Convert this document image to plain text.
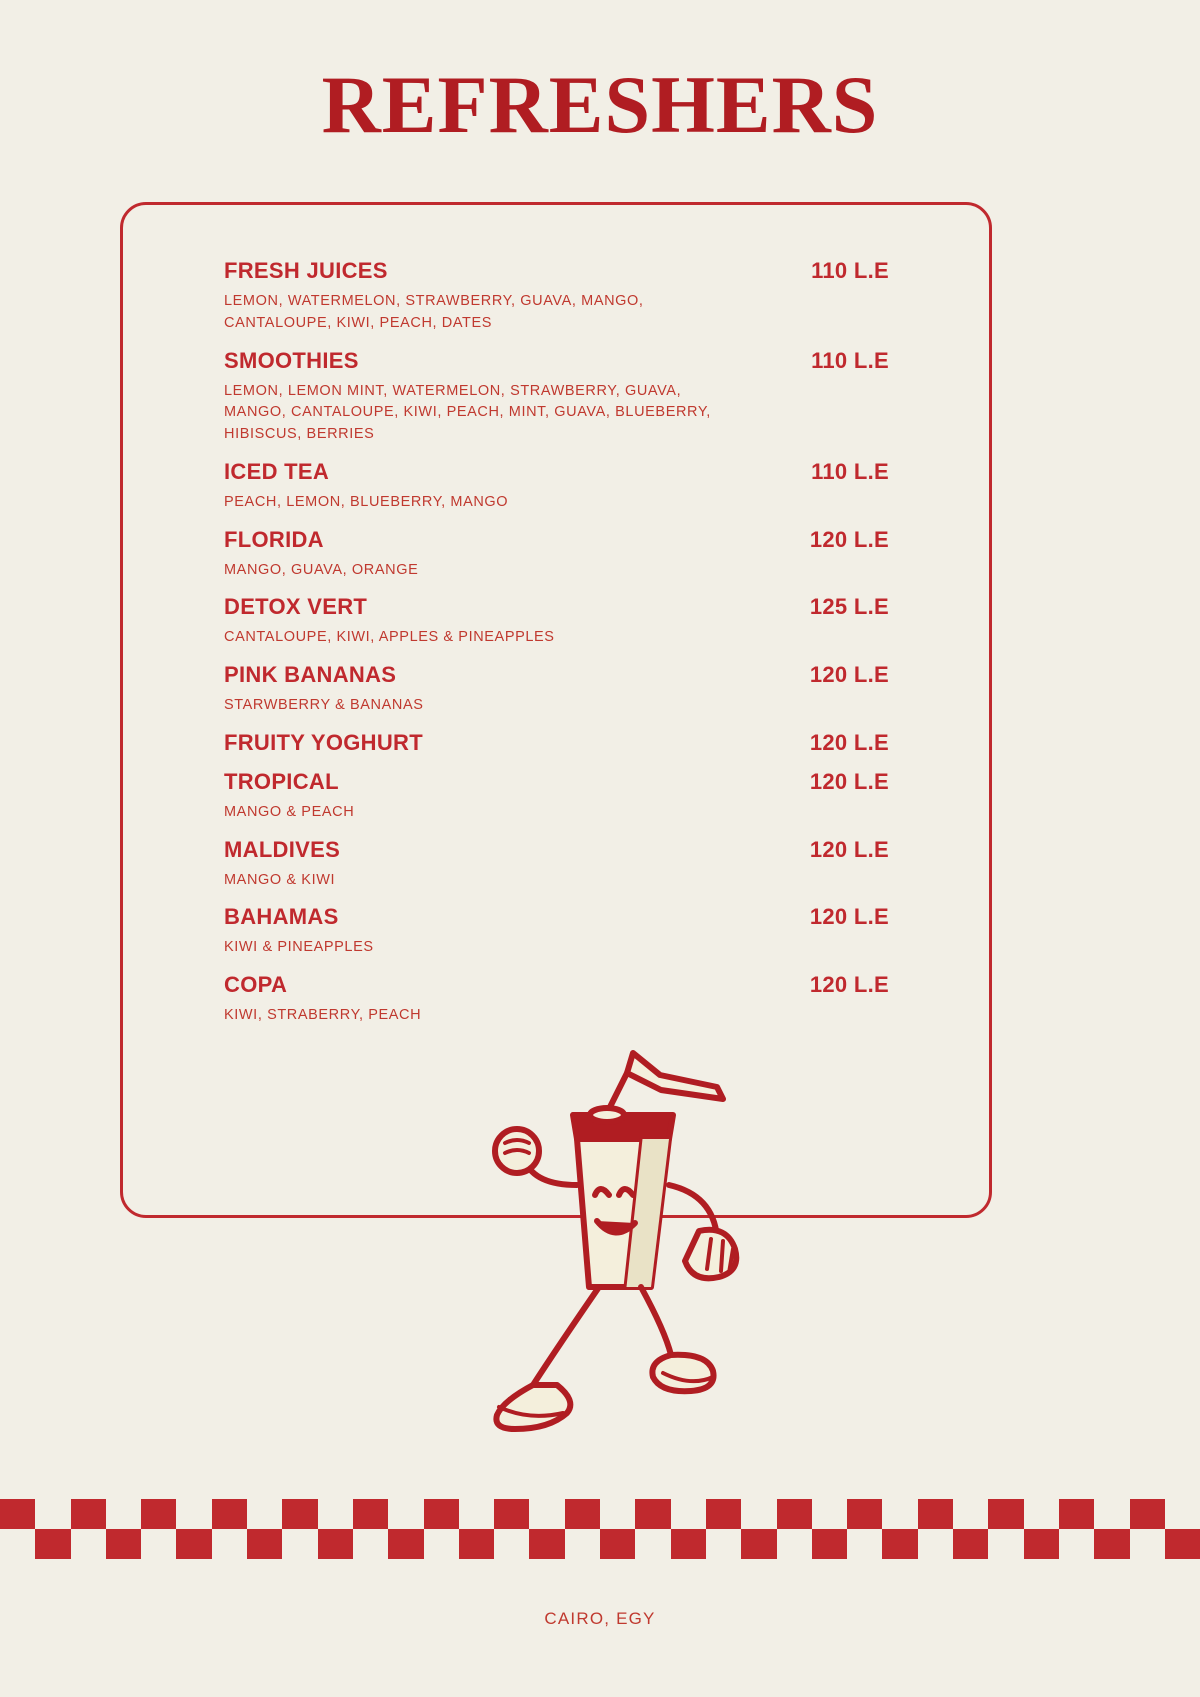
REFRESHERS
FRESH JUICES	110 L.E
LEMON, WATERMELON, STRAWBERRY, GUAVA, MANGO, CANTALOUPE, KIWI, PEACH, DATES
SMOOTHIES	110 L.E
LEMON, LEMON MINT, WATERMELON, STRAWBERRY, GUAVA, MANGO, CANTALOUPE, KIWI, PEACH, MINT, GUAVA, BLUEBERRY, HIBISCUS, BERRIES
ICED TEA	110 L.E
PEACH, LEMON, BLUEBERRY, MANGO
FLORIDA	120 L.E
MANGO, GUAVA, ORANGE
DETOX VERT	125 L.E
CANTALOUPE, KIWI, APPLES & PINEAPPLES
PINK BANANAS	120 L.E
STARWBERRY & BANANAS
FRUITY YOGHURT	120 L.E
TROPICAL	120 L.E
MANGO & PEACH
MALDIVES	120 L.E
MANGO & KIWI
BAHAMAS	120 L.E
KIWI & PINEAPPLES
COPA	120 L.E
KIWI, STRABERRY, PEACH
CAIRO, EGY
